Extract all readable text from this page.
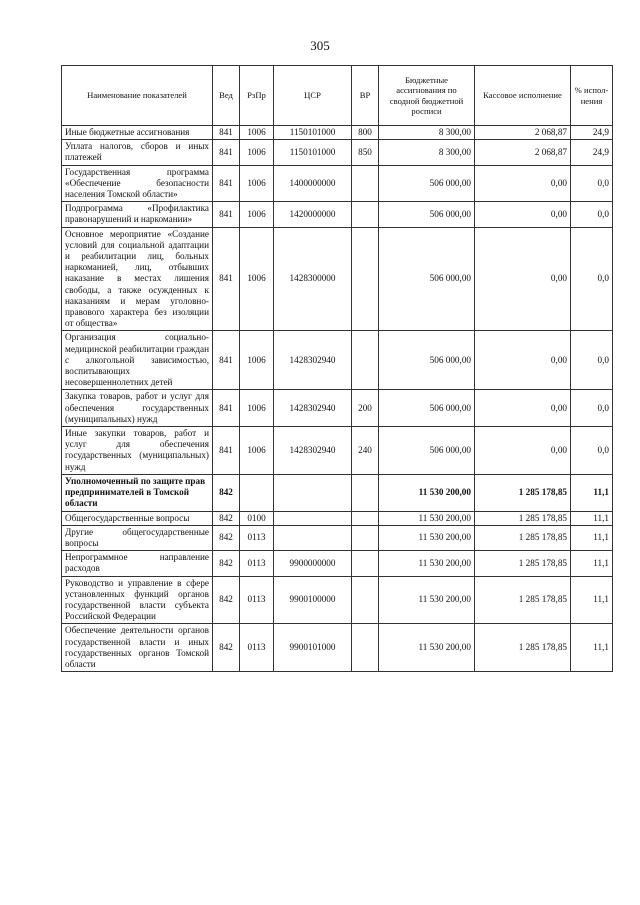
305
Наименование показателей	Вед	РзПр	ЦСР	ВР	Бюджетные ассигнования по сводной бюджетной росписи	Кассовое исполнение	% испол-нения
Иные бюджетные ассигнования	841	1006	1150101000	800	8 300,00	2 068,87	24,9
Уплата налогов, сборов и иных платежей	841	1006	1150101000	850	8 300,00	2 068,87	24,9
Государственная программа «Обеспечение безопасности населения Томской области»	841	1006	1400000000		506 000,00	0,00	0,0
Подпрограмма «Профилактика правонарушений и наркомании»	841	1006	1420000000		506 000,00	0,00	0,0
Основное мероприятие «Создание условий для социальной адаптации и реабилитации лиц, больных наркоманией, лиц, отбывших наказание в местах лишения свободы, а также осужденных к наказаниям и мерам уголовно-правового характера без изоляции от общества»	841	1006	1428300000		506 000,00	0,00	0,0
Организация социально-медицинской реабилитации граждан с алкогольной зависимостью, воспитывающих несовершеннолетних детей	841	1006	1428302940		506 000,00	0,00	0,0
Закупка товаров, работ и услуг для обеспечения государственных (муниципальных) нужд	841	1006	1428302940	200	506 000,00	0,00	0,0
Иные закупки товаров, работ и услуг для обеспечения государственных (муниципальных) нужд	841	1006	1428302940	240	506 000,00	0,00	0,0
Уполномоченный по защите прав предпринимателей в Томской области	842				11 530 200,00	1 285 178,85	11,1
Общегосударственные вопросы	842	0100			11 530 200,00	1 285 178,85	11,1
Другие общегосударственные вопросы	842	0113			11 530 200,00	1 285 178,85	11,1
Непрограммное направление расходов	842	0113	9900000000		11 530 200,00	1 285 178,85	11,1
Руководство и управление в сфере установленных функций органов государственной власти субъекта Российской Федерации	842	0113	9900100000		11 530 200,00	1 285 178,85	11,1
Обеспечение деятельности органов государственной власти и иных государственных органов Томской области	842	0113	9900101000		11 530 200,00	1 285 178,85	11,1
